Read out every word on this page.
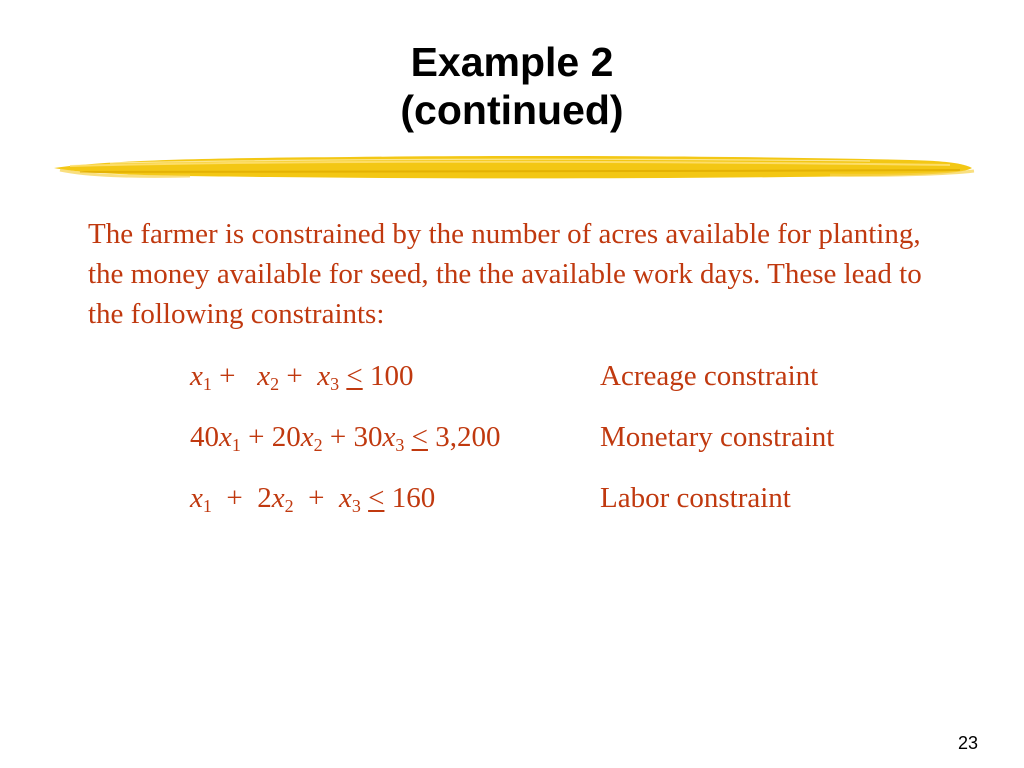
Example 2
(continued)

The farmer is constrained by the number of acres available for planting, the money available for seed, the the available work days. These lead to the following constraints:

$x_1 + x_2 + x_3 \le 100$	Acreage constraint
$40x_1 + 20x_2 + 30x_3 \le 3,200$	Monetary constraint
$x_1 + 2x_2 + x_3 \le 160$	Labor constraint
23
